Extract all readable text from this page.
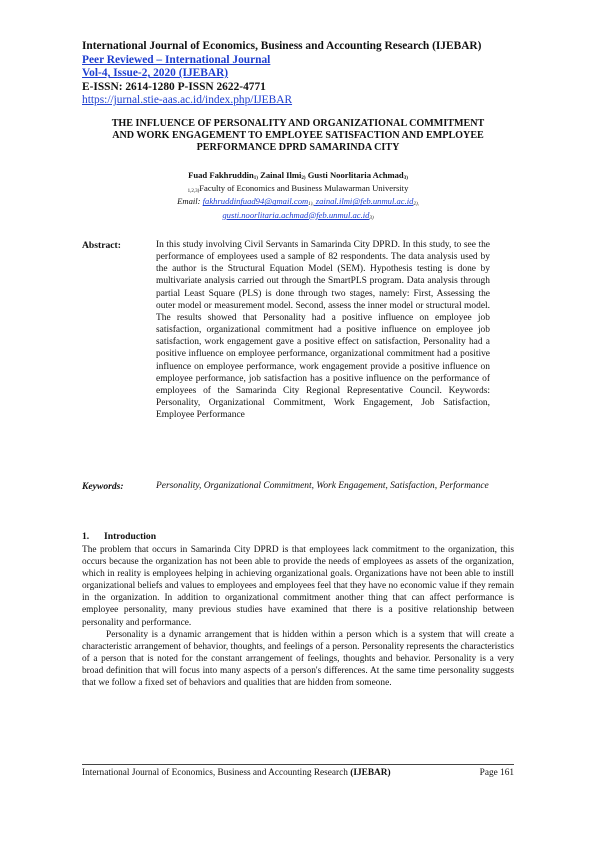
International Journal of Economics, Business and Accounting Research (IJEBAR)
Peer Reviewed – International Journal
Vol-4, Issue-2, 2020 (IJEBAR)
E-ISSN: 2614-1280 P-ISSN 2622-4771
https://jurnal.stie-aas.ac.id/index.php/IJEBAR
THE INFLUENCE OF PERSONALITY AND ORGANIZATIONAL COMMITMENT
AND WORK ENGAGEMENT TO EMPLOYEE SATISFACTION AND EMPLOYEE
PERFORMANCE DPRD SAMARINDA CITY
Fuad Fakhruddin$_{1)}$ Zainal Ilmi$_{2)}$ Gusti Noorlitaria Achmad$_{3)}$
$_{1,2,3)}$Faculty of Economics and Business Mulawarman University
Email: fakhruddinfuad94@gmail.com$_{1),}$ $zainal.ilmi@feb.unmul.ac.id_{2),}$
$gusti.noorlitaria.achmad@feb.unmul.ac.id_{3)}$
Abstract:	In this study involving Civil Servants in Samarinda City DPRD. In this study, to see the performance of employees used a sample of 82 respondents. The data analysis used by the author is the Structural Equation Model (SEM). Hypothesis testing is done by multivariate analysis carried out through the SmartPLS program. Data analysis through partial Least Square (PLS) is done through two stages, namely: First, Assessing the outer model or measurement model. Second, assess the inner model or structural model. The results showed that Personality had a positive influence on employee job satisfaction, organizational commitment had a positive influence on employee job satisfaction, work engagement gave a positive effect on satisfaction, Personality had a positive influence on employee performance, organizational commitment had a positive influence on employee performance, work engagement provide a positive influence on employee performance, job satisfaction has a positive influence on the performance of employees of the Samarinda City Regional Representative Council. Keywords: Personality, Organizational Commitment, Work Engagement, Job Satisfaction, Employee Performance
Keywords:	Personality, Organizational Commitment, Work Engagement, Satisfaction, Performance
1. Introduction

The problem that occurs in Samarinda City DPRD is that employees lack commitment to the organization, this occurs because the organization has not been able to provide the needs of employees as assets of the organization, which in reality is employees helping in achieving organizational goals. Organizations have not been able to instill organizational beliefs and values to employees and employees feel that they have no economic value if they remain in the organization. In addition to organizational commitment another thing that can affect performance is employee personality, many previous studies have examined that there is a positive relationship between personality and performance.

Personality is a dynamic arrangement that is hidden within a person which is a system that will create a characteristic arrangement of behavior, thoughts, and feelings of a person. Personality represents the characteristics of a person that is noted for the constant arrangement of feelings, thoughts and behavior. Personality is a very broad definition that will focus into many aspects of a person's differences. At the same time personality suggests that we follow a fixed set of behaviors and qualities that are hidden from someone.

International Journal of Economics, Business and Accounting Research (IJEBAR)	Page 161
